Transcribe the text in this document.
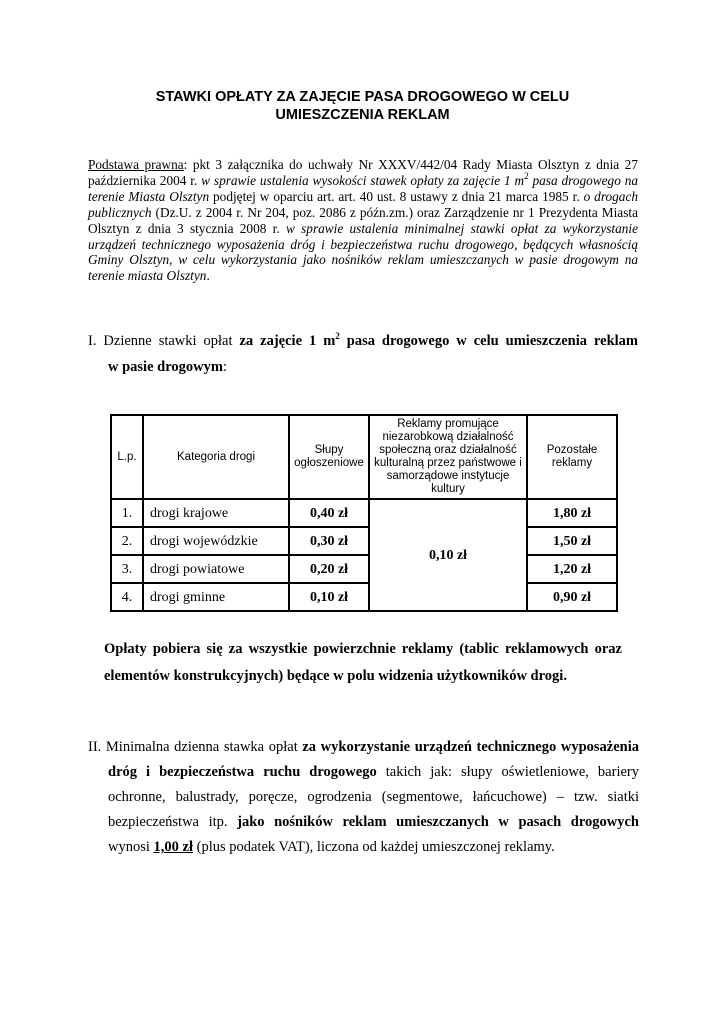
STAWKI OPŁATY ZA ZAJĘCIE PASA DROGOWEGO W CELU
UMIESZCZENIA REKLAM
Podstawa prawna: pkt 3 załącznika do uchwały Nr XXXV/442/04 Rady Miasta Olsztyn z dnia 27 października 2004 r. w sprawie ustalenia wysokości stawek opłaty za zajęcie 1 $m^2$ pasa drogowego na terenie Miasta Olsztyn podjętej w oparciu art. art. 40 ust. 8 ustawy z dnia 21 marca 1985 r. o drogach publicznych (Dz.U. z 2004 r. Nr 204, poz. 2086 z późn.zm.) oraz Zarządzenie nr 1 Prezydenta Miasta Olsztyn z dnia 3 stycznia 2008 r. w sprawie ustalenia minimalnej stawki opłat za wykorzystanie urządzeń technicznego wyposażenia dróg i bezpieczeństwa ruchu drogowego, będących własnością Gminy Olsztyn, w celu wykorzystania jako nośników reklam umieszczanych w pasie drogowym na terenie miasta Olsztyn.
I. Dzienne stawki opłat za zajęcie 1 $m^2$ pasa drogowego w celu umieszczenia reklam
w pasie drogowym:
L.p.	Kategoria drogi	Słupy ogłoszeniowe	Reklamy promujące niezarobkową działalność społeczną oraz działalność kulturalną przez państwowe i samorządowe instytucje kultury	Pozostałe reklamy
1.	drogi krajowe	0,40 zł	0,10 zł	1,80 zł
2.	drogi wojewódzkie	0,30 zł		1,50 zł
3.	drogi powiatowe	0,20 zł		1,20 zł
4.	drogi gminne	0,10 zł		0,90 zł
Opłaty pobiera się za wszystkie powierzchnie reklamy (tablic reklamowych oraz
elementów konstrukcyjnych) będące w polu widzenia użytkowników drogi.
II. Minimalna dzienna stawka opłat za wykorzystanie urządzeń technicznego wyposażenia
dróg i bezpieczeństwa ruchu drogowego takich jak: słupy oświetleniowe, bariery
ochronne, balustrady, poręcze, ogrodzenia (segmentowe, łańcuchowe) – tzw. siatki
bezpieczeństwa itp. jako nośników reklam umieszczanych w pasach drogowych
wynosi 1,00 zł (plus podatek VAT), liczona od każdej umieszczonej reklamy.
